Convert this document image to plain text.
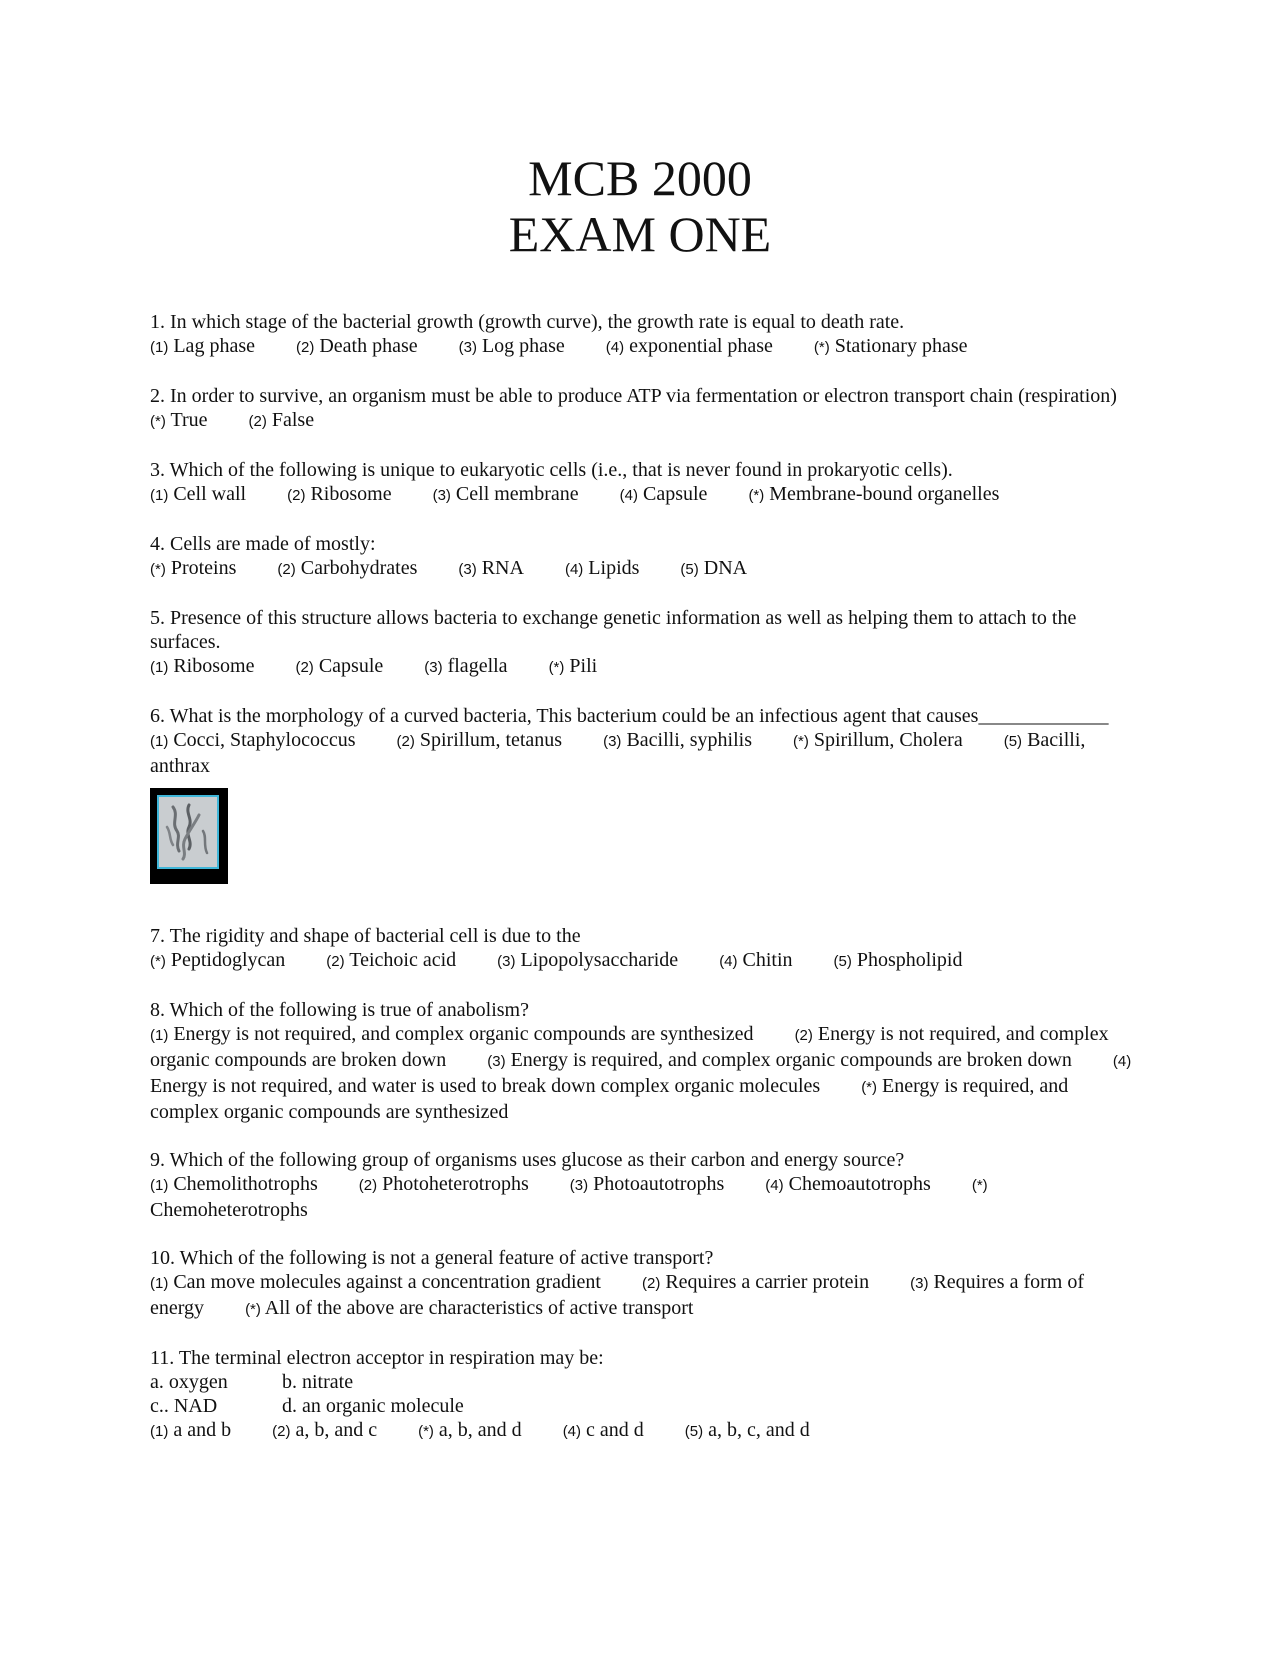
MCB 2000
EXAM ONE
1. In which stage of the bacterial growth (growth curve), the growth rate is equal to death rate.
(1) Lag phase	(2) Death phase	(3) Log phase	(4) exponential phase	(*) Stationary phase
2. In order to survive, an organism must be able to produce ATP via fermentation or electron transport chain (respiration)
(*) True	(2) False
3. Which of the following is unique to eukaryotic cells (i.e., that is never found in prokaryotic cells).
(1) Cell wall	(2) Ribosome	(3) Cell membrane	(4) Capsule	(*) Membrane-bound organelles
4. Cells are made of mostly:
(*) Proteins	(2) Carbohydrates	(3) RNA	(4) Lipids	(5) DNA
5. Presence of this structure allows bacteria to exchange genetic information as well as helping them to attach to the surfaces.
(1) Ribosome	(2) Capsule	(3) flagella	(*) Pili
6. What is the morphology of a curved bacteria, This bacterium could be an infectious agent that causes_____________
(1) Cocci, Staphylococcus	(2) Spirillum, tetanus	(3) Bacilli, syphilis	(*) Spirillum, Cholera	(5) Bacilli, anthrax
7. The rigidity and shape of bacterial cell is due to the
(*) Peptidoglycan	(2) Teichoic acid	(3) Lipopolysaccharide	(4) Chitin	(5) Phospholipid
8. Which of the following is true of anabolism?
(1) Energy is not required, and complex organic compounds are synthesized	(2) Energy is not required, and complex organic compounds are broken down	(3) Energy is required, and complex organic compounds are broken down	(4) Energy is not required, and water is used to break down complex organic molecules	(*) Energy is required, and complex organic compounds are synthesized
9. Which of the following group of organisms uses glucose as their carbon and energy source?
(1) Chemolithotrophs	(2) Photoheterotrophs	(3) Photoautotrophs	(4) Chemoautotrophs	(*) Chemoheterotrophs
10. Which of the following is not a general feature of active transport?
(1) Can move molecules against a concentration gradient	(2) Requires a carrier protein	(3) Requires a form of energy	(*) All of the above are characteristics of active transport
11. The terminal electron acceptor in respiration may be:
a. oxygen	b. nitrate
c.. NAD	d. an organic molecule
(1) a and b	(2) a, b, and c	(*) a, b, and d	(4) c and d	(5) a, b, c, and d
